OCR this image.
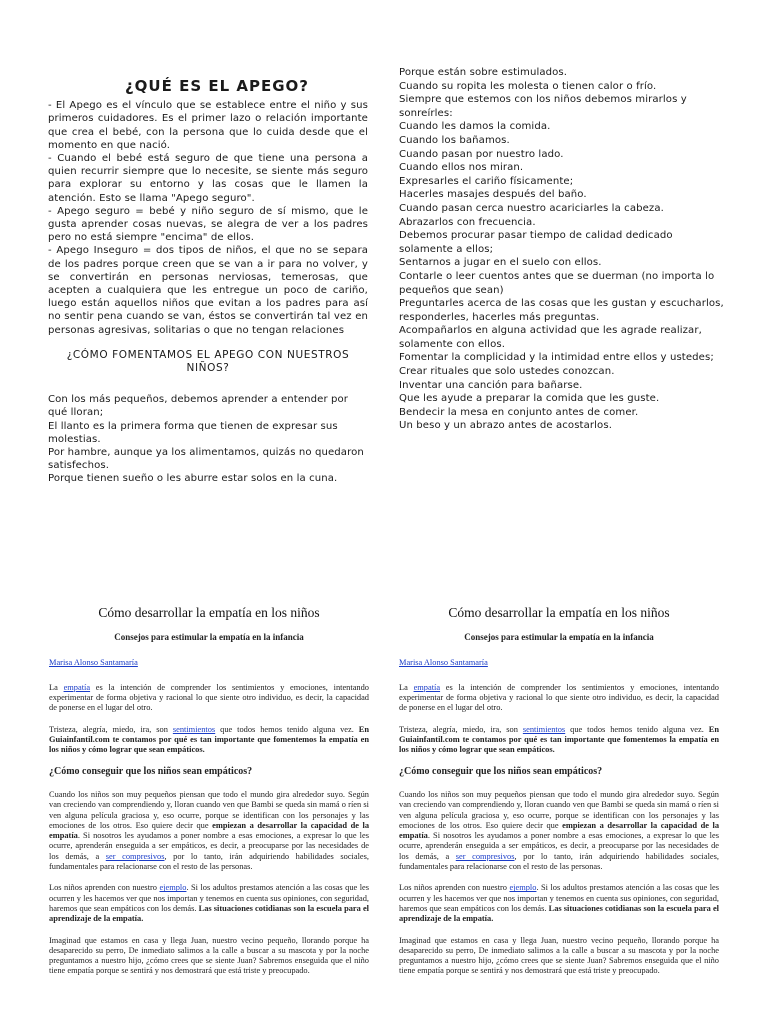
¿QUÉ ES EL APEGO?

- El Apego es el vínculo que se establece entre el niño y sus primeros cuidadores. Es el primer lazo o relación importante que crea el bebé, con la persona que lo cuida desde que el momento en que nació.

- Cuando el bebé está seguro de que tiene una persona a quien recurrir siempre que lo necesite, se siente más seguro para explorar su entorno y las cosas que le llamen la atención. Esto se llama "Apego seguro".

- Apego seguro = bebé y niño seguro de sí mismo, que le gusta aprender cosas nuevas, se alegra de ver a los padres pero no está siempre "encima" de ellos.

- Apego Inseguro = dos tipos de niños, el que no se separa de los padres porque creen que se van a ir para no volver, y se convertirán en personas nerviosas, temerosas, que acepten a cualquiera que les entregue un poco de cariño, luego están aquellos niños que evitan a los padres para así no sentir pena cuando se van, éstos se convertirán tal vez en personas agresivas, solitarias o que no tengan relaciones

¿CÓMO FOMENTAMOS EL APEGO CON NUESTROS NIÑOS?
Con los más pequeños, debemos aprender a entender por qué lloran;
El llanto es la primera forma que tienen de expresar sus molestias.
Por hambre, aunque ya los alimentamos, quizás no quedaron satisfechos.
Porque tienen sueño o les aburre estar solos en la cuna.
Porque están sobre estimulados.
Cuando su ropita les molesta o tienen calor o frío.
Siempre que estemos con los niños debemos mirarlos y sonreírles:
Cuando les damos la comida.
Cuando los bañamos.
Cuando pasan por nuestro lado.
Cuando ellos nos miran.
Expresarles el cariño físicamente;
Hacerles masajes después del baño.
Cuando pasan cerca nuestro acariciarles la cabeza.
Abrazarlos con frecuencia.
Debemos procurar pasar tiempo de calidad dedicado solamente a ellos;
Sentarnos a jugar en el suelo con ellos.
Contarle o leer cuentos antes que se duerman (no importa lo pequeños que sean)
Preguntarles acerca de las cosas que les gustan y escucharlos, responderles, hacerles más preguntas.
Acompañarlos en alguna actividad que les agrade realizar, solamente con ellos.
Fomentar la complicidad y la intimidad entre ellos y ustedes;
Crear rituales que solo ustedes conozcan.
Inventar una canción para bañarse.
Que les ayude a preparar la comida que les guste.
Bendecir la mesa en conjunto antes de comer.
Un beso y un abrazo antes de acostarlos.
Cómo desarrollar la empatía en los niños
Consejos para estimular la empatía en la infancia
Marisa Alonso Santamaría

La empatía es la intención de comprender los sentimientos y emociones, intentando experimentar de forma objetiva y racional lo que siente otro individuo, es decir, la capacidad de ponerse en el lugar del otro.

Tristeza, alegría, miedo, ira, son sentimientos que todos hemos tenido alguna vez. En Guiainfantil.com te contamos por qué es tan importante que fomentemos la empatía en los niños y cómo lograr que sean empáticos.

¿Cómo conseguir que los niños sean empáticos?

Cuando los niños son muy pequeños piensan que todo el mundo gira alrededor suyo. Según van creciendo van comprendiendo y, lloran cuando ven que Bambi se queda sin mamá o ríen si ven alguna película graciosa y, eso ocurre, porque se identifican con los personajes y las emociones de los otros. Eso quiere decir que empiezan a desarrollar la capacidad de la empatía. Si nosotros les ayudamos a poner nombre a esas emociones, a expresar lo que les ocurre, aprenderán enseguida a ser empáticos, es decir, a preocuparse por las necesidades de los demás, a ser compresivos, por lo tanto, irán adquiriendo habilidades sociales, fundamentales para relacionarse con el resto de las personas.

Los niños aprenden con nuestro ejemplo. Si los adultos prestamos atención a las cosas que les ocurren y les hacemos ver que nos importan y tenemos en cuenta sus opiniones, con seguridad, haremos que sean empáticos con los demás. Las situaciones cotidianas son la escuela para el aprendizaje de la empatía.

Imaginad que estamos en casa y llega Juan, nuestro vecino pequeño, llorando porque ha desaparecido su perro, De inmediato salimos a la calle a buscar a su mascota y por la noche preguntamos a nuestro hijo, ¿cómo crees que se siente Juan? Sabremos enseguida que el niño tiene empatía porque se sentirá y nos demostrará que está triste y preocupado.

Cómo desarrollar la empatía en los niños
Consejos para estimular la empatía en la infancia
Marisa Alonso Santamaría

La empatía es la intención de comprender los sentimientos y emociones, intentando experimentar de forma objetiva y racional lo que siente otro individuo, es decir, la capacidad de ponerse en el lugar del otro.

Tristeza, alegría, miedo, ira, son sentimientos que todos hemos tenido alguna vez. En Guiainfantil.com te contamos por qué es tan importante que fomentemos la empatía en los niños y cómo lograr que sean empáticos.

¿Cómo conseguir que los niños sean empáticos?

Cuando los niños son muy pequeños piensan que todo el mundo gira alrededor suyo. Según van creciendo van comprendiendo y, lloran cuando ven que Bambi se queda sin mamá o ríen si ven alguna película graciosa y, eso ocurre, porque se identifican con los personajes y las emociones de los otros. Eso quiere decir que empiezan a desarrollar la capacidad de la empatía. Si nosotros les ayudamos a poner nombre a esas emociones, a expresar lo que les ocurre, aprenderán enseguida a ser empáticos, es decir, a preocuparse por las necesidades de los demás, a ser compresivos, por lo tanto, irán adquiriendo habilidades sociales, fundamentales para relacionarse con el resto de las personas.

Los niños aprenden con nuestro ejemplo. Si los adultos prestamos atención a las cosas que les ocurren y les hacemos ver que nos importan y tenemos en cuenta sus opiniones, con seguridad, haremos que sean empáticos con los demás. Las situaciones cotidianas son la escuela para el aprendizaje de la empatía.

Imaginad que estamos en casa y llega Juan, nuestro vecino pequeño, llorando porque ha desaparecido su perro, De inmediato salimos a la calle a buscar a su mascota y por la noche preguntamos a nuestro hijo, ¿cómo crees que se siente Juan? Sabremos enseguida que el niño tiene empatía porque se sentirá y nos demostrará que está triste y preocupado.
